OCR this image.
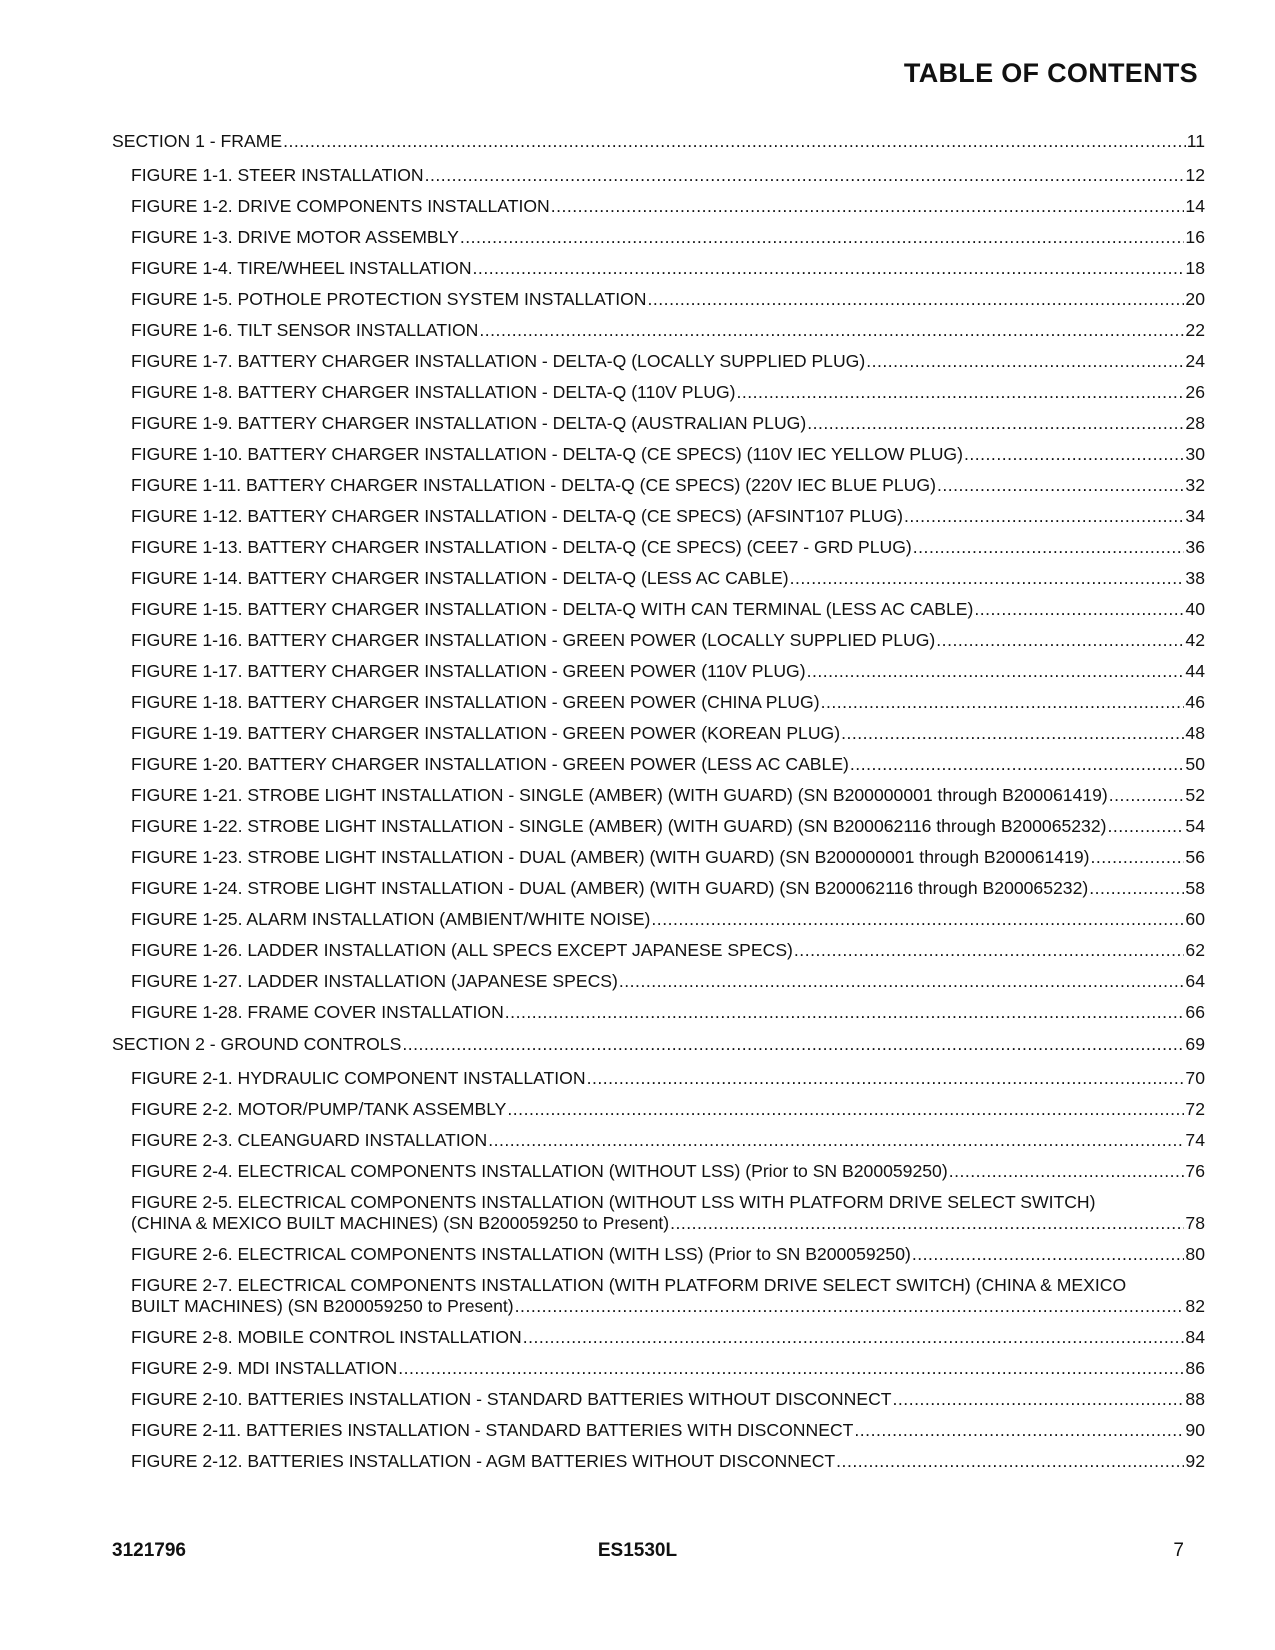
TABLE OF CONTENTS
SECTION 1 - FRAME .....	11
FIGURE 1-1. STEER INSTALLATION .....	12
FIGURE 1-2. DRIVE COMPONENTS INSTALLATION .....	14
FIGURE 1-3. DRIVE MOTOR ASSEMBLY .....	16
FIGURE 1-4. TIRE/WHEEL INSTALLATION .....	18
FIGURE 1-5. POTHOLE PROTECTION SYSTEM INSTALLATION .....	20
FIGURE 1-6. TILT SENSOR INSTALLATION .....	22
FIGURE 1-7. BATTERY CHARGER INSTALLATION - DELTA-Q (LOCALLY SUPPLIED PLUG) .....	24
FIGURE 1-8. BATTERY CHARGER INSTALLATION - DELTA-Q (110V PLUG) .....	26
FIGURE 1-9. BATTERY CHARGER INSTALLATION - DELTA-Q (AUSTRALIAN PLUG) .....	28
FIGURE 1-10. BATTERY CHARGER INSTALLATION - DELTA-Q (CE SPECS) (110V IEC YELLOW PLUG) .....	30
FIGURE 1-11. BATTERY CHARGER INSTALLATION - DELTA-Q (CE SPECS) (220V IEC BLUE PLUG) .....	32
FIGURE 1-12. BATTERY CHARGER INSTALLATION - DELTA-Q (CE SPECS) (AFSINT107 PLUG) .....	34
FIGURE 1-13. BATTERY CHARGER INSTALLATION - DELTA-Q (CE SPECS) (CEE7 - GRD PLUG) .....	36
FIGURE 1-14. BATTERY CHARGER INSTALLATION - DELTA-Q (LESS AC CABLE) .....	38
FIGURE 1-15. BATTERY CHARGER INSTALLATION - DELTA-Q WITH CAN TERMINAL (LESS AC CABLE) .....	40
FIGURE 1-16. BATTERY CHARGER INSTALLATION - GREEN POWER (LOCALLY SUPPLIED PLUG) .....	42
FIGURE 1-17. BATTERY CHARGER INSTALLATION - GREEN POWER (110V PLUG) .....	44
FIGURE 1-18. BATTERY CHARGER INSTALLATION - GREEN POWER (CHINA PLUG) .....	46
FIGURE 1-19. BATTERY CHARGER INSTALLATION - GREEN POWER (KOREAN PLUG) .....	48
FIGURE 1-20. BATTERY CHARGER INSTALLATION - GREEN POWER (LESS AC CABLE) .....	50
FIGURE 1-21. STROBE LIGHT INSTALLATION - SINGLE (AMBER) (WITH GUARD) (SN B200000001 through B200061419) .....	52
FIGURE 1-22. STROBE LIGHT INSTALLATION - SINGLE (AMBER) (WITH GUARD) (SN B200062116 through B200065232) .....	54
FIGURE 1-23. STROBE LIGHT INSTALLATION - DUAL (AMBER) (WITH GUARD) (SN B200000001 through B200061419) .....	56
FIGURE 1-24. STROBE LIGHT INSTALLATION - DUAL (AMBER) (WITH GUARD) (SN B200062116 through B200065232) .....	58
FIGURE 1-25. ALARM INSTALLATION (AMBIENT/WHITE NOISE) .....	60
FIGURE 1-26. LADDER INSTALLATION (ALL SPECS EXCEPT JAPANESE SPECS) .....	62
FIGURE 1-27. LADDER INSTALLATION (JAPANESE SPECS) .....	64
FIGURE 1-28. FRAME COVER INSTALLATION .....	66
SECTION 2 - GROUND CONTROLS .....	69
FIGURE 2-1. HYDRAULIC COMPONENT INSTALLATION .....	70
FIGURE 2-2. MOTOR/PUMP/TANK ASSEMBLY .....	72
FIGURE 2-3. CLEANGUARD INSTALLATION .....	74
FIGURE 2-4. ELECTRICAL COMPONENTS INSTALLATION (WITHOUT LSS) (Prior to SN B200059250) .....	76
FIGURE 2-5. ELECTRICAL COMPONENTS INSTALLATION (WITHOUT LSS WITH PLATFORM DRIVE SELECT SWITCH)
(CHINA & MEXICO BUILT MACHINES) (SN B200059250 to Present) .....	78
FIGURE 2-6. ELECTRICAL COMPONENTS INSTALLATION (WITH LSS) (Prior to SN B200059250) .....	80
FIGURE 2-7. ELECTRICAL COMPONENTS INSTALLATION (WITH PLATFORM DRIVE SELECT SWITCH) (CHINA & MEXICO
BUILT MACHINES) (SN B200059250 to Present) .....	82
FIGURE 2-8. MOBILE CONTROL INSTALLATION .....	84
FIGURE 2-9. MDI INSTALLATION .....	86
FIGURE 2-10. BATTERIES INSTALLATION - STANDARD BATTERIES WITHOUT DISCONNECT .....	88
FIGURE 2-11. BATTERIES INSTALLATION - STANDARD BATTERIES WITH DISCONNECT .....	90
FIGURE 2-12. BATTERIES INSTALLATION - AGM BATTERIES WITHOUT DISCONNECT .....	92
3121796	ES1530L	7
